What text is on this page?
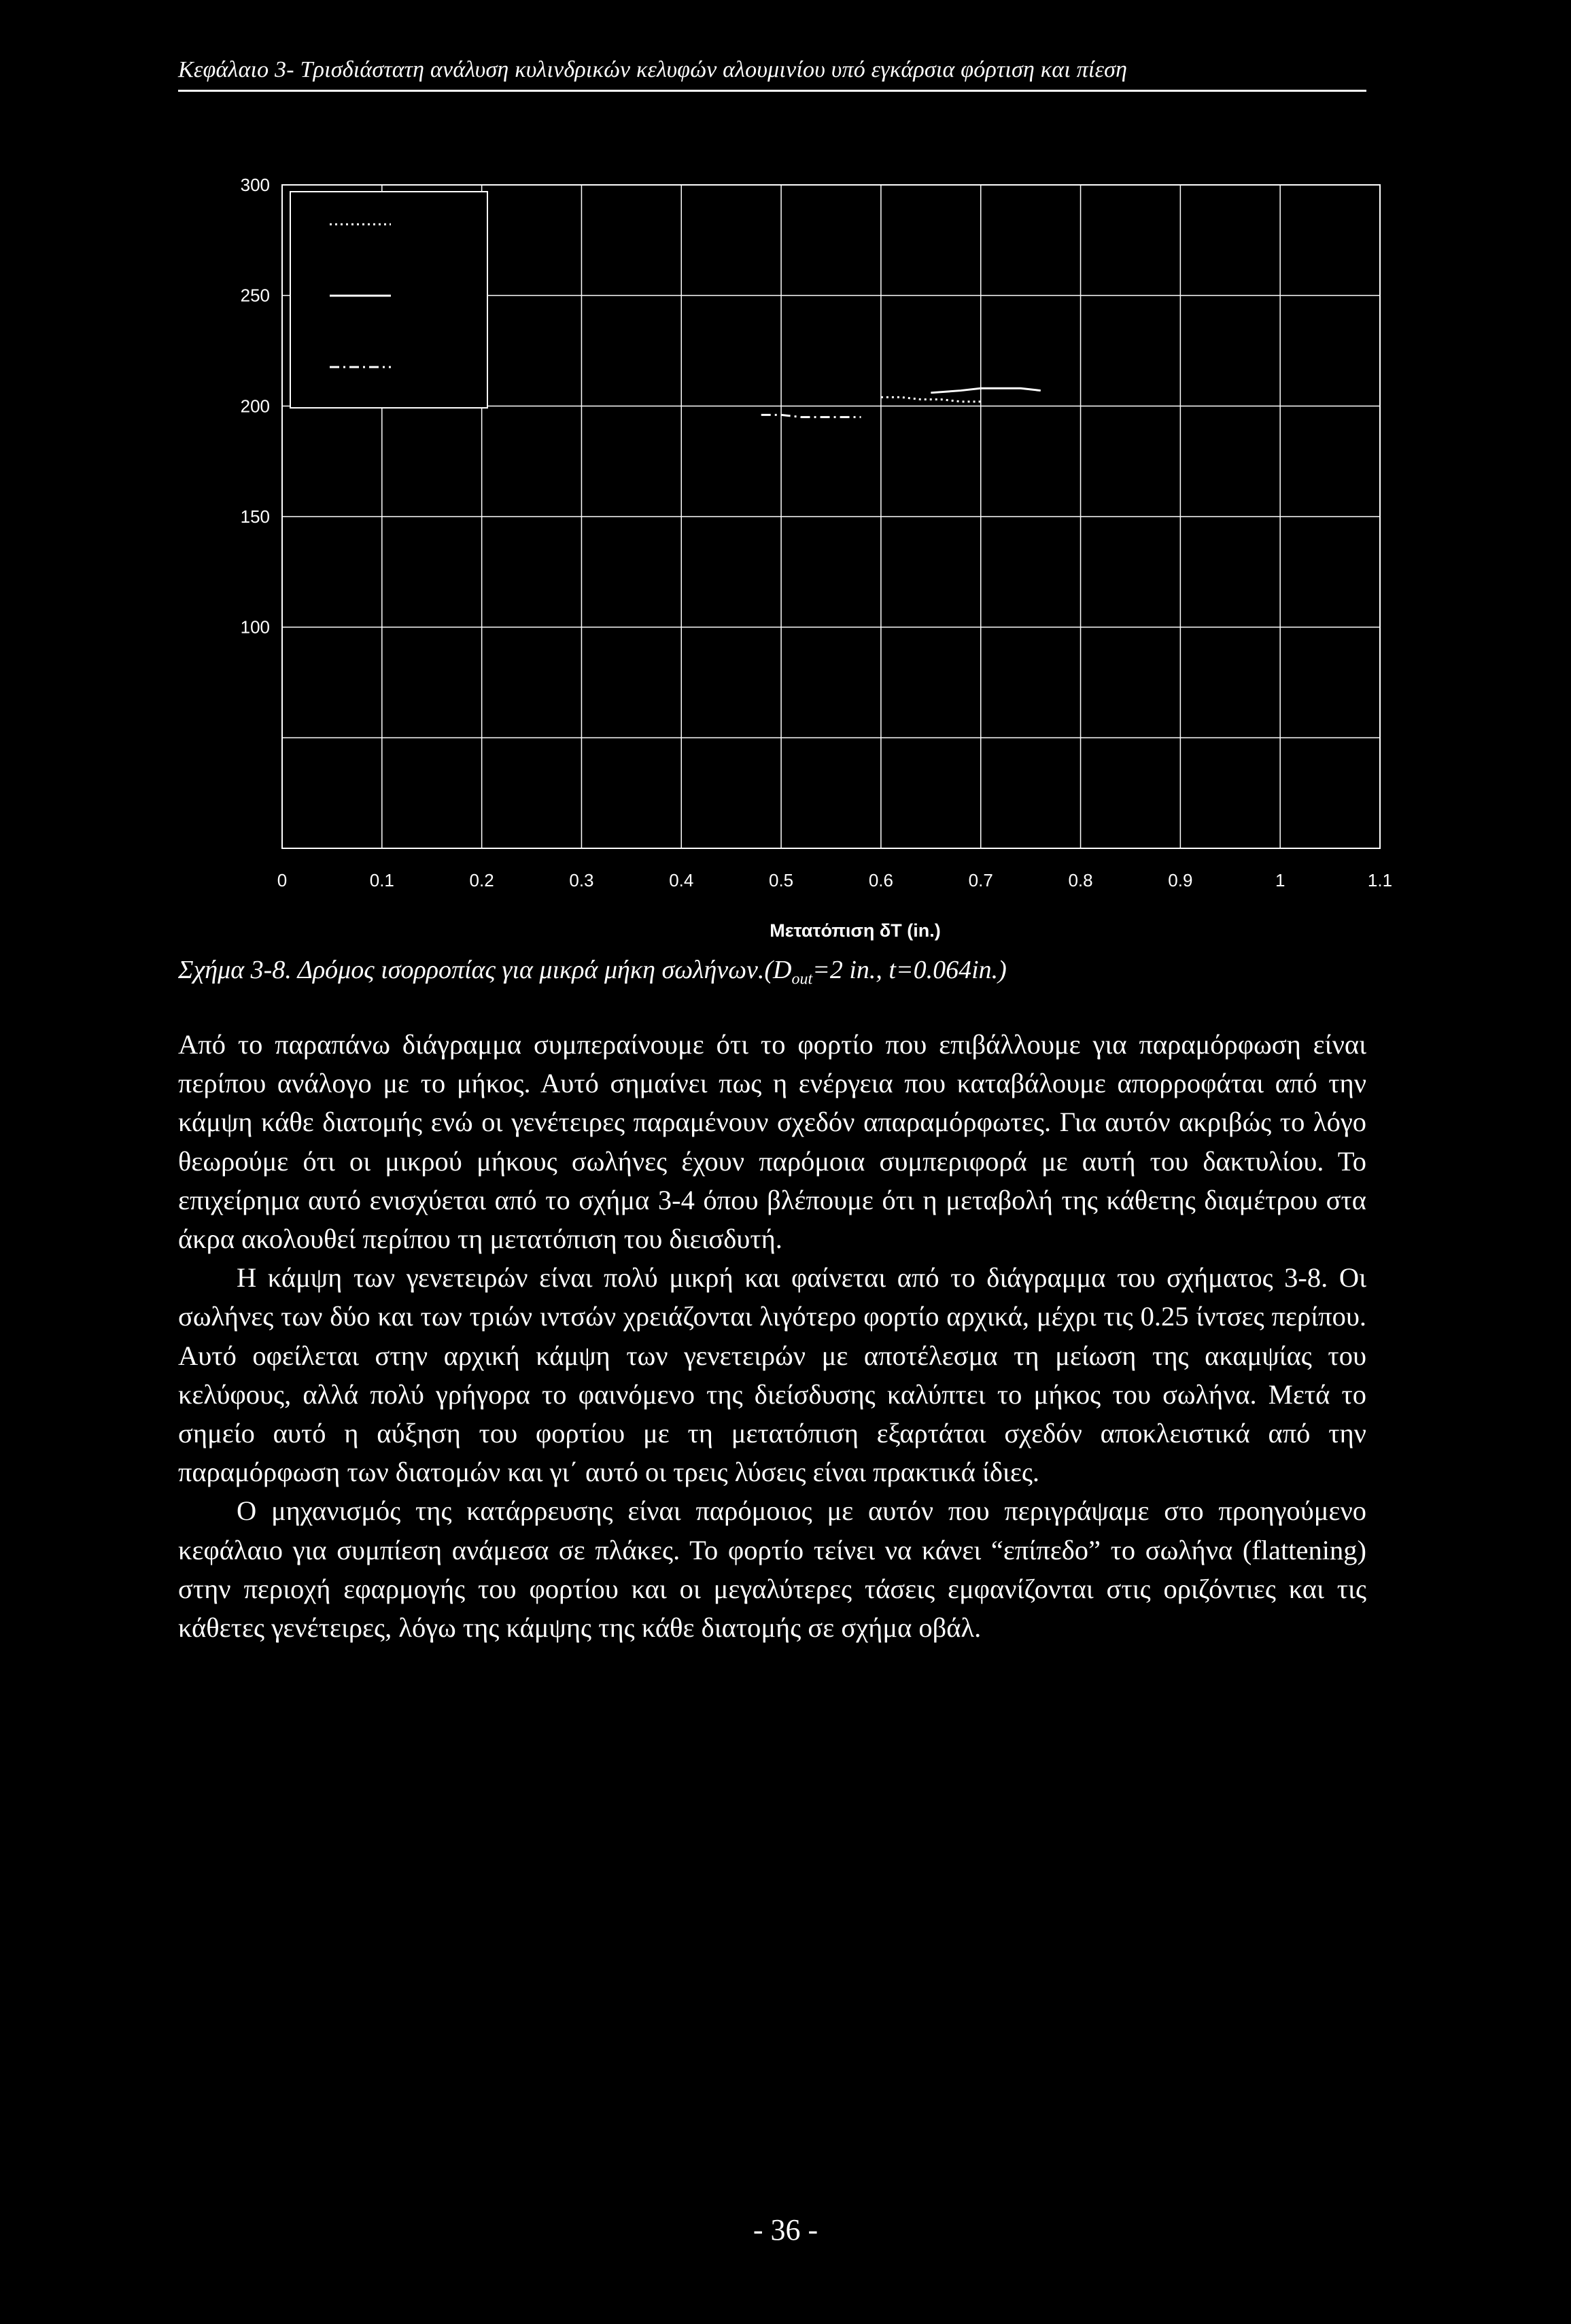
Κεφάλαιο 3- Τρισδιάστατη ανάλυση κυλινδρικών κελυφών αλουμινίου υπό εγκάρσια φόρτιση και πίεση
300
250
200
150
100
0	0.1	0.2	0.3	0.4	0.5	0.6	0.7	0.8	0.9	1	1.1
Μετατόπιση δT (in.)
Σχήμα 3-8. Δρόμος ισορροπίας για μικρά μήκη $\sigma\omega\lambda ή\nu\omega\nu.(D_{out}=2$ in., t=0.064in.)

Από το παραπάνω διάγραμμα συμπεραίνουμε ότι το φορτίο που επιβάλλουμε για παραμόρφωση είναι περίπου ανάλογο με το μήκος. Αυτό σημαίνει πως η ενέργεια που καταβάλουμε απορροφάται από την κάμψη κάθε διατομής ενώ οι γενέτειρες παραμένουν σχεδόν απαραμόρφωτες. Για αυτόν ακριβώς το λόγο θεωρούμε ότι οι μικρού μήκους σωλήνες έχουν παρόμοια συμπεριφορά με αυτή του δακτυλίου. Το επιχείρημα αυτό ενισχύεται από το σχήμα 3-4 όπου βλέπουμε ότι η μεταβολή της κάθετης διαμέτρου στα άκρα ακολουθεί περίπου τη μετατόπιση του διεισδυτή.

Η κάμψη των γενετειρών είναι πολύ μικρή και φαίνεται από το διάγραμμα του σχήματος 3-8. Οι σωλήνες των δύο και των τριών ιντσών χρειάζονται λιγότερο φορτίο αρχικά, μέχρι τις 0.25 ίντσες περίπου. Αυτό οφείλεται στην αρχική κάμψη των γενετειρών με αποτέλεσμα τη μείωση της ακαμψίας του κελύφους, αλλά πολύ γρήγορα το φαινόμενο της διείσδυσης καλύπτει το μήκος του σωλήνα. Μετά το σημείο αυτό η αύξηση του φορτίου με τη μετατόπιση εξαρτάται σχεδόν αποκλειστικά από την παραμόρφωση των διατομών και γι΄ αυτό οι τρεις λύσεις είναι πρακτικά ίδιες.

Ο μηχανισμός της κατάρρευσης είναι παρόμοιος με αυτόν που περιγράψαμε στο προηγούμενο κεφάλαιο για συμπίεση ανάμεσα σε πλάκες. Το φορτίο τείνει να κάνει “επίπεδο” το σωλήνα (flattening) στην περιοχή εφαρμογής του φορτίου και οι μεγαλύτερες τάσεις εμφανίζονται στις οριζόντιες και τις κάθετες γενέτειρες, λόγω της κάμψης της κάθε διατομής σε σχήμα οβάλ.

- 36 -
